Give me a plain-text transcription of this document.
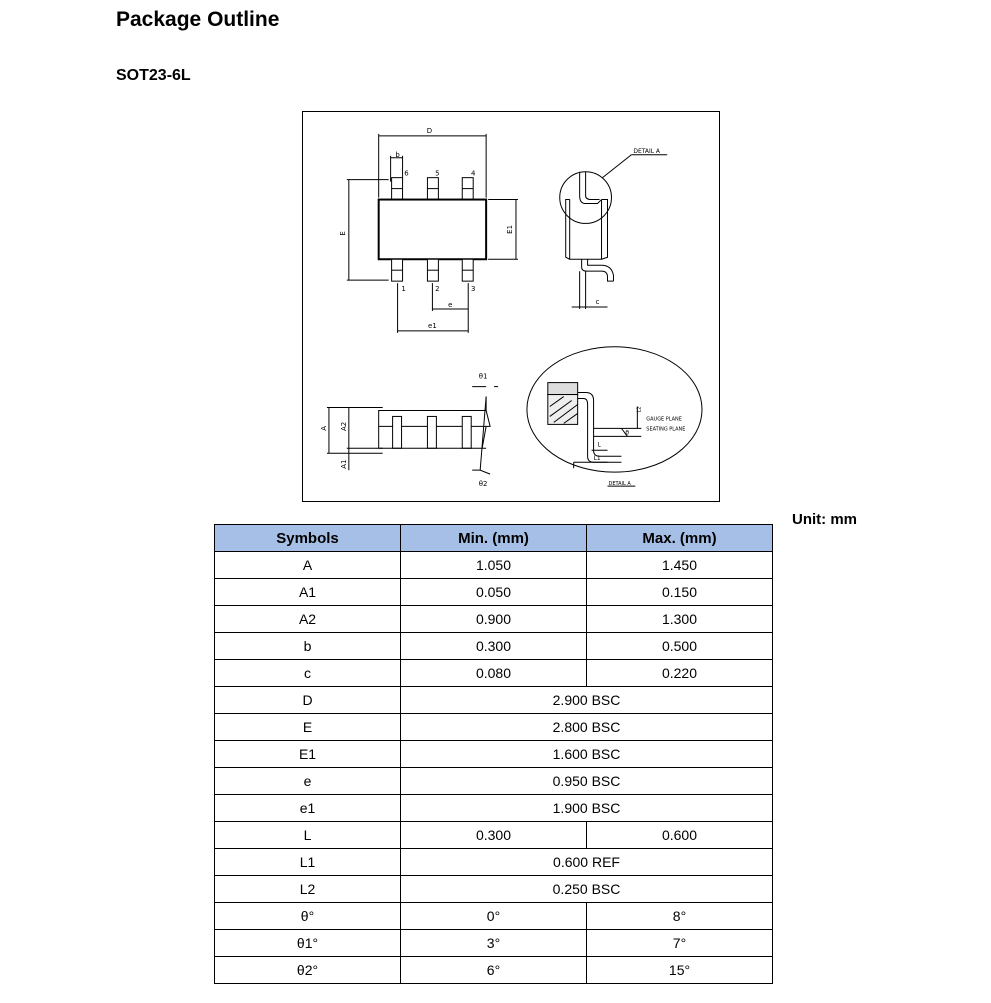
Package Outline
SOT23-6L
D
b
6	5	4
1	2	3
E	E1
e
e1
DETAIL A
c
A A2
A1
θ1
θ2
L2
GAUGE PLANE
SEATING PLANE
θ
L
L1
DETAIL A
Unit: mm
Symbols	Min. (mm)	Max. (mm)
A	1.050	1.450
A1	0.050	0.150
A2	0.900	1.300
b	0.300	0.500
c	0.080	0.220
D	2.900 BSC	
E	2.800 BSC	
E1	1.600 BSC	
e	0.950 BSC	
e1	1.900 BSC	
L	0.300	0.600
L1	0.600 REF	
L2	0.250 BSC	
θ°	0°	8°
θ1°	3°	7°
θ2°	6°	15°
